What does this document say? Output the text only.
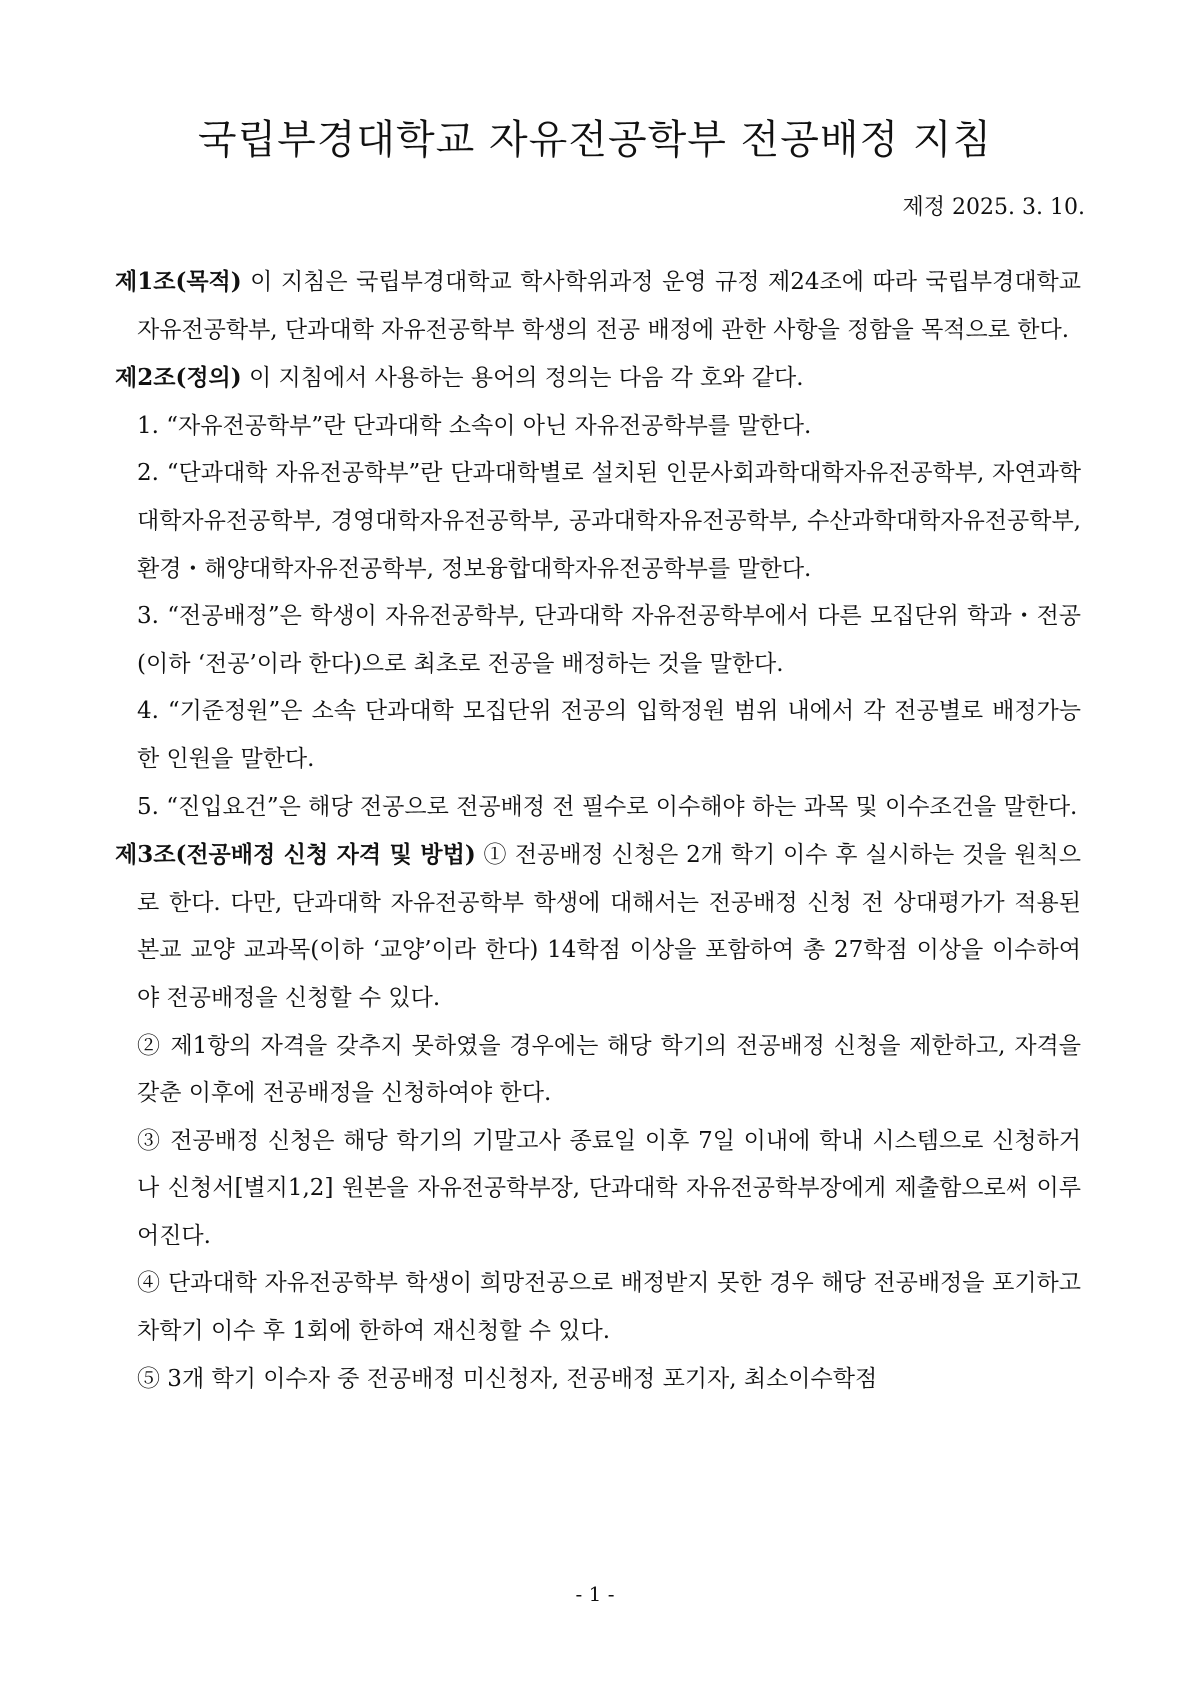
국립부경대학교 자유전공학부 전공배정 지침
제정 2025. 3. 10.
제1조(목적) 이 지침은 국립부경대학교 학사학위과정 운영 규정 제24조에 따라 국립부경대학교 자유전공학부, 단과대학 자유전공학부 학생의 전공 배정에 관한 사항을 정함을 목적으로 한다.
제2조(정의) 이 지침에서 사용하는 용어의 정의는 다음 각 호와 같다.
1. “자유전공학부”란 단과대학 소속이 아닌 자유전공학부를 말한다.
2. “단과대학 자유전공학부”란 단과대학별로 설치된 인문사회과학대학자유전공학부, 자연과학대학자유전공학부, 경영대학자유전공학부, 공과대학자유전공학부, 수산과학대학자유전공학부, 환경・해양대학자유전공학부, 정보융합대학자유전공학부를 말한다.
3. “전공배정”은 학생이 자유전공학부, 단과대학 자유전공학부에서 다른 모집단위 학과・전공(이하 ‘전공’이라 한다)으로 최초로 전공을 배정하는 것을 말한다.
4. “기준정원”은 소속 단과대학 모집단위 전공의 입학정원 범위 내에서 각 전공별로 배정가능한 인원을 말한다.
5. “진입요건”은 해당 전공으로 전공배정 전 필수로 이수해야 하는 과목 및 이수조건을 말한다.
제3조(전공배정 신청 자격 및 방법) ① 전공배정 신청은 2개 학기 이수 후 실시하는 것을 원칙으로 한다. 다만, 단과대학 자유전공학부 학생에 대해서는 전공배정 신청 전 상대평가가 적용된 본교 교양 교과목(이하 ‘교양’이라 한다) 14학점 이상을 포함하여 총 27학점 이상을 이수하여야 전공배정을 신청할 수 있다.
② 제1항의 자격을 갖추지 못하였을 경우에는 해당 학기의 전공배정 신청을 제한하고, 자격을 갖춘 이후에 전공배정을 신청하여야 한다.
③ 전공배정 신청은 해당 학기의 기말고사 종료일 이후 7일 이내에 학내 시스템으로 신청하거나 신청서[별지1,2] 원본을 자유전공학부장, 단과대학 자유전공학부장에게 제출함으로써 이루어진다.
④ 단과대학 자유전공학부 학생이 희망전공으로 배정받지 못한 경우 해당 전공배정을 포기하고 차학기 이수 후 1회에 한하여 재신청할 수 있다.
⑤ 3개 학기 이수자 중 전공배정 미신청자, 전공배정 포기자, 최소이수학점
- 1 -
